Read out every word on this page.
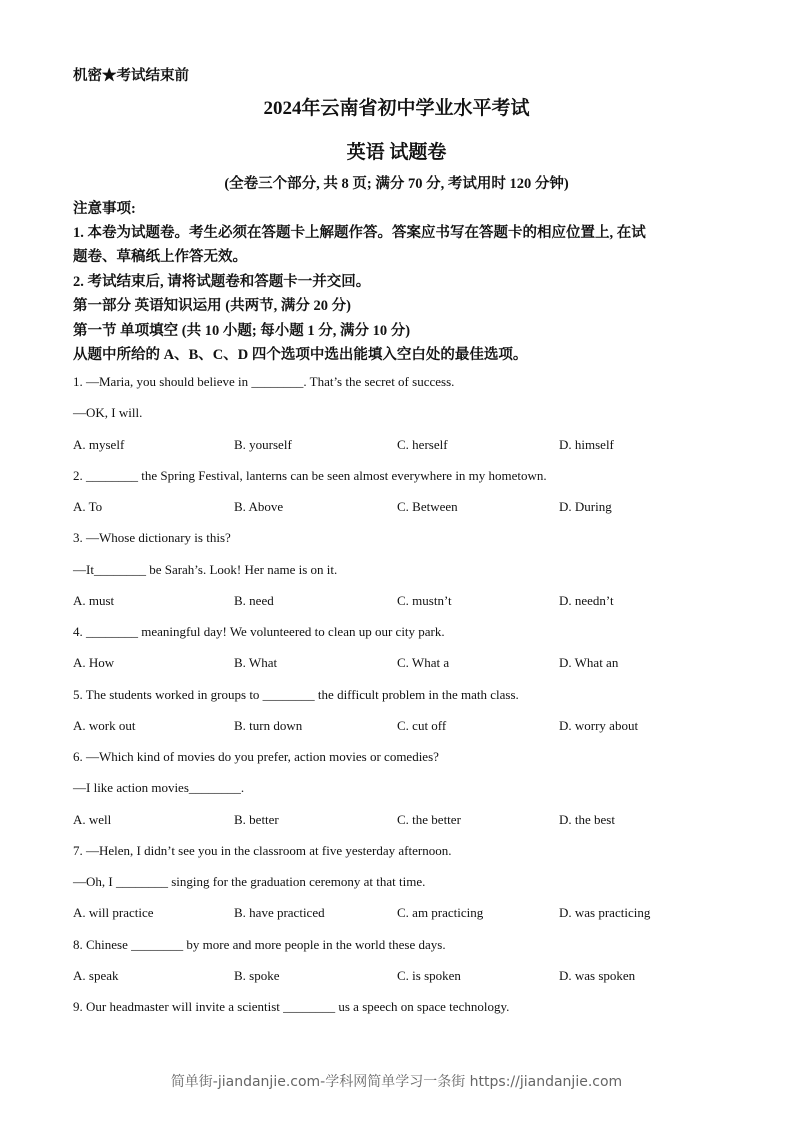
机密★考试结束前
2024年云南省初中学业水平考试
英语 试题卷
(全卷三个部分, 共 8 页; 满分 70 分, 考试用时 120 分钟)
注意事项:
1. 本卷为试题卷。考生必须在答题卡上解题作答。答案应书写在答题卡的相应位置上, 在试
题卷、草稿纸上作答无效。
2. 考试结束后, 请将试题卷和答题卡一并交回。
第一部分 英语知识运用 (共两节, 满分 20 分)
第一节 单项填空 (共 10 小题; 每小题 1 分, 满分 10 分)
从题中所给的 A、B、C、D 四个选项中选出能填入空白处的最佳选项。
1. —Maria, you should believe in ________. That’s the secret of success.
—OK, I will.
A. myself	B. yourself	C. herself	D. himself
2. ________ the Spring Festival, lanterns can be seen almost everywhere in my hometown.
A. To	B. Above	C. Between	D. During
3. —Whose dictionary is this?
—It________ be Sarah’s. Look! Her name is on it.
A. must	B. need	C. mustn’t	D. needn’t
4. ________ meaningful day! We volunteered to clean up our city park.
A. How	B. What	C. What a	D. What an
5. The students worked in groups to ________ the difficult problem in the math class.
A. work out	B. turn down	C. cut off	D. worry about
6. —Which kind of movies do you prefer, action movies or comedies?
—I like action movies________.
A. well	B. better	C. the better	D. the best
7. —Helen, I didn’t see you in the classroom at five yesterday afternoon.
—Oh, I ________ singing for the graduation ceremony at that time.
A. will practice	B. have practiced	C. am practicing	D. was practicing
8. Chinese ________ by more and more people in the world these days.
A. speak	B. spoke	C. is spoken	D. was spoken
9. Our headmaster will invite a scientist ________ us a speech on space technology.
简单街-jiandanjie.com-学科网简单学习一条街 https://jiandanjie.com
